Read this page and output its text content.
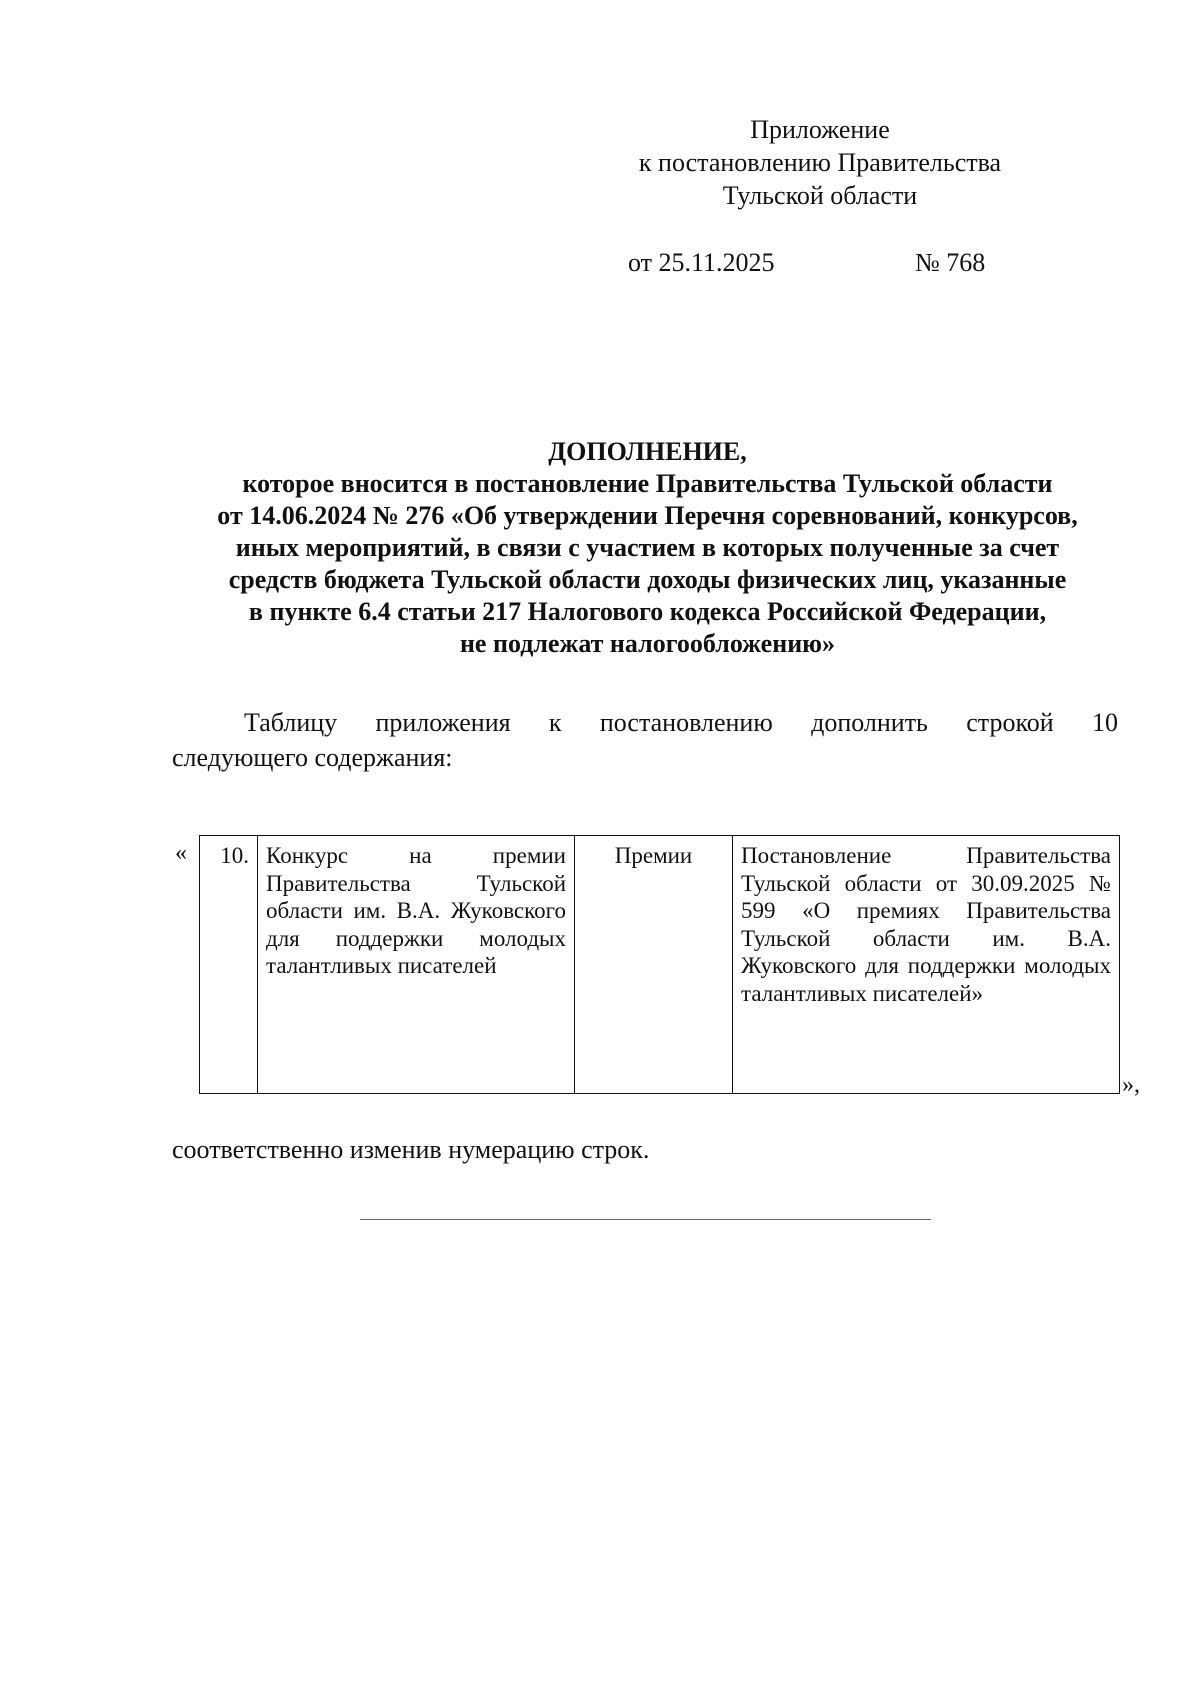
Приложение
к постановлению Правительства
Тульской области
от 25.11.2025	№ 768
ДОПОЛНЕНИЕ,
которое вносится в постановление Правительства Тульской области
от 14.06.2024 № 276 «Об утверждении Перечня соревнований, конкурсов,
иных мероприятий, в связи с участием в которых полученные за счет
средств бюджета Тульской области доходы физических лиц, указанные
в пункте 6.4 статьи 217 Налогового кодекса Российской Федерации,
не подлежат налогообложению»
Таблицу приложения к постановлению дополнить строкой 10
следующего содержания:
« 10.	Конкурс на премии Правительства Тульской области им. В.А. Жуковского для поддержки молодых талантливых писателей	Премии	Постановление Правительства Тульской области от 30.09.2025 № 599 «О премиях Правительства Тульской области им. В.А. Жуковского для поддержки молодых талантливых писателей»
»,
соответственно изменив нумерацию строк.
